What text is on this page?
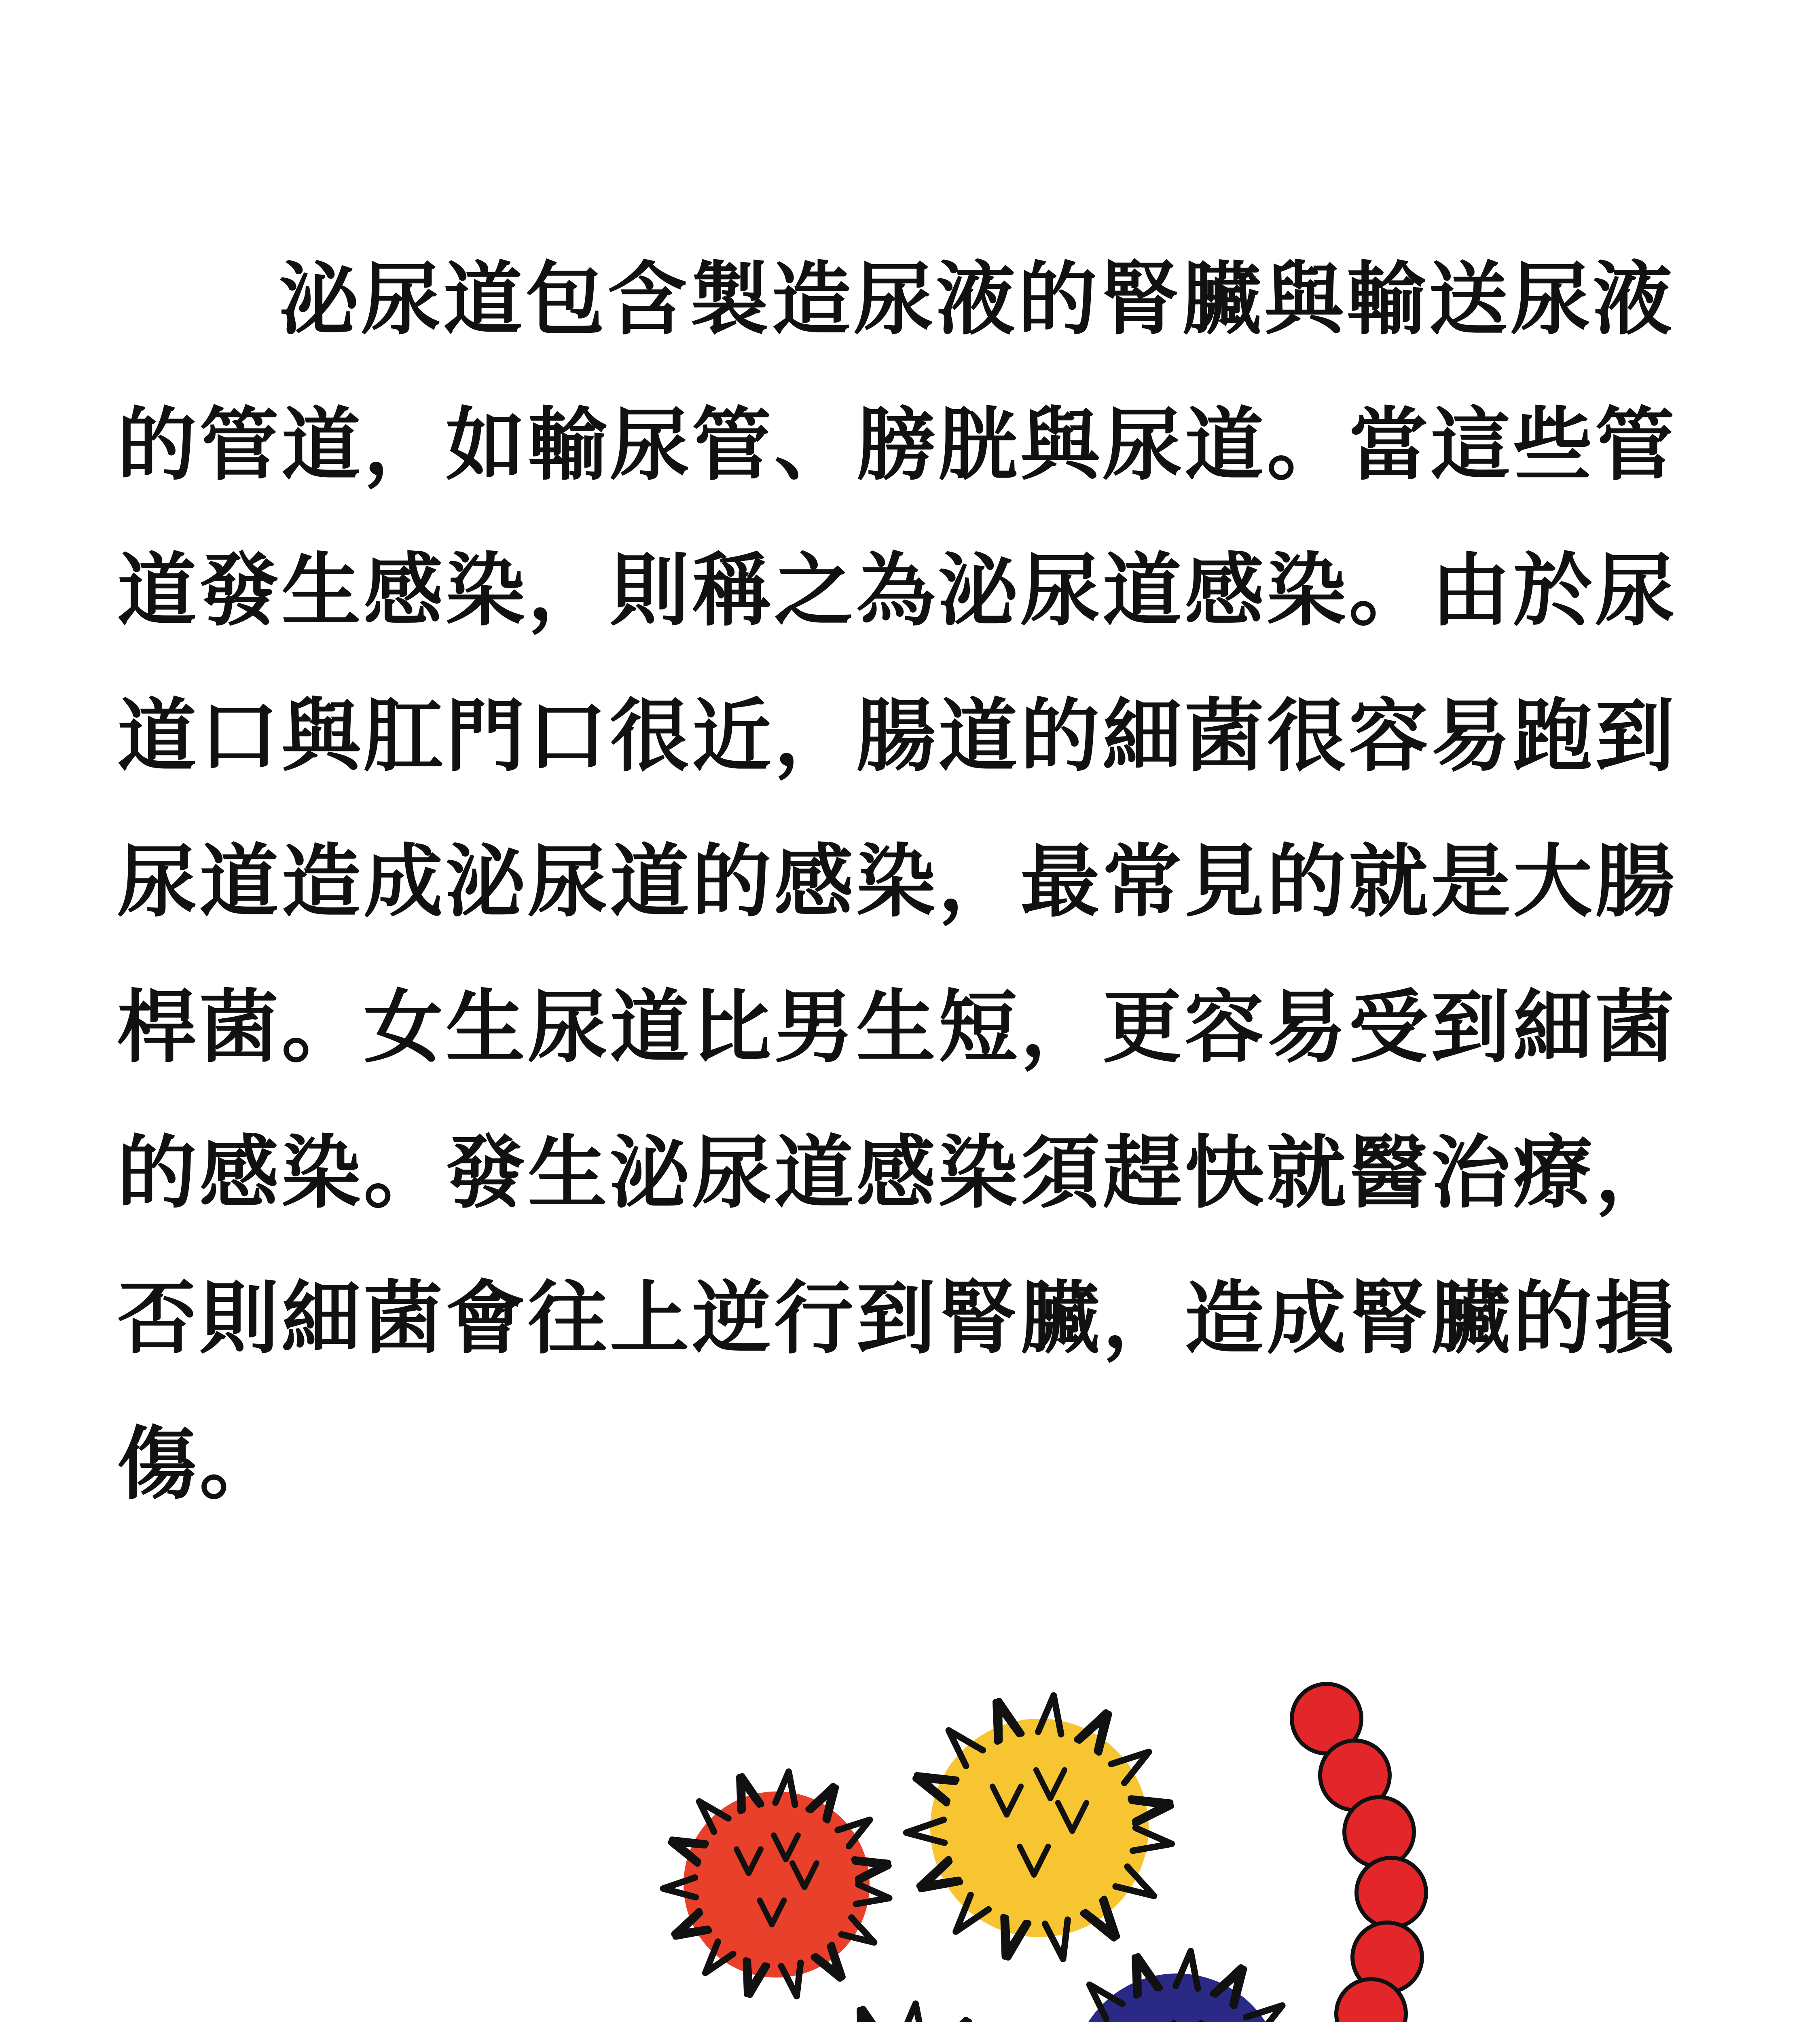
泌尿道包含製造尿液的腎臟與輸送尿液
的管道，如輸尿管、膀胱與尿道。當這些管
道發生感染，則稱之為泌尿道感染。由於尿
道口與肛門口很近，腸道的細菌很容易跑到
尿道造成泌尿道的感染，最常見的就是大腸
桿菌。女生尿道比男生短，更容易受到細菌
的感染。發生泌尿道感染須趕快就醫治療，
否則細菌會往上逆行到腎臟，造成腎臟的損
傷。
